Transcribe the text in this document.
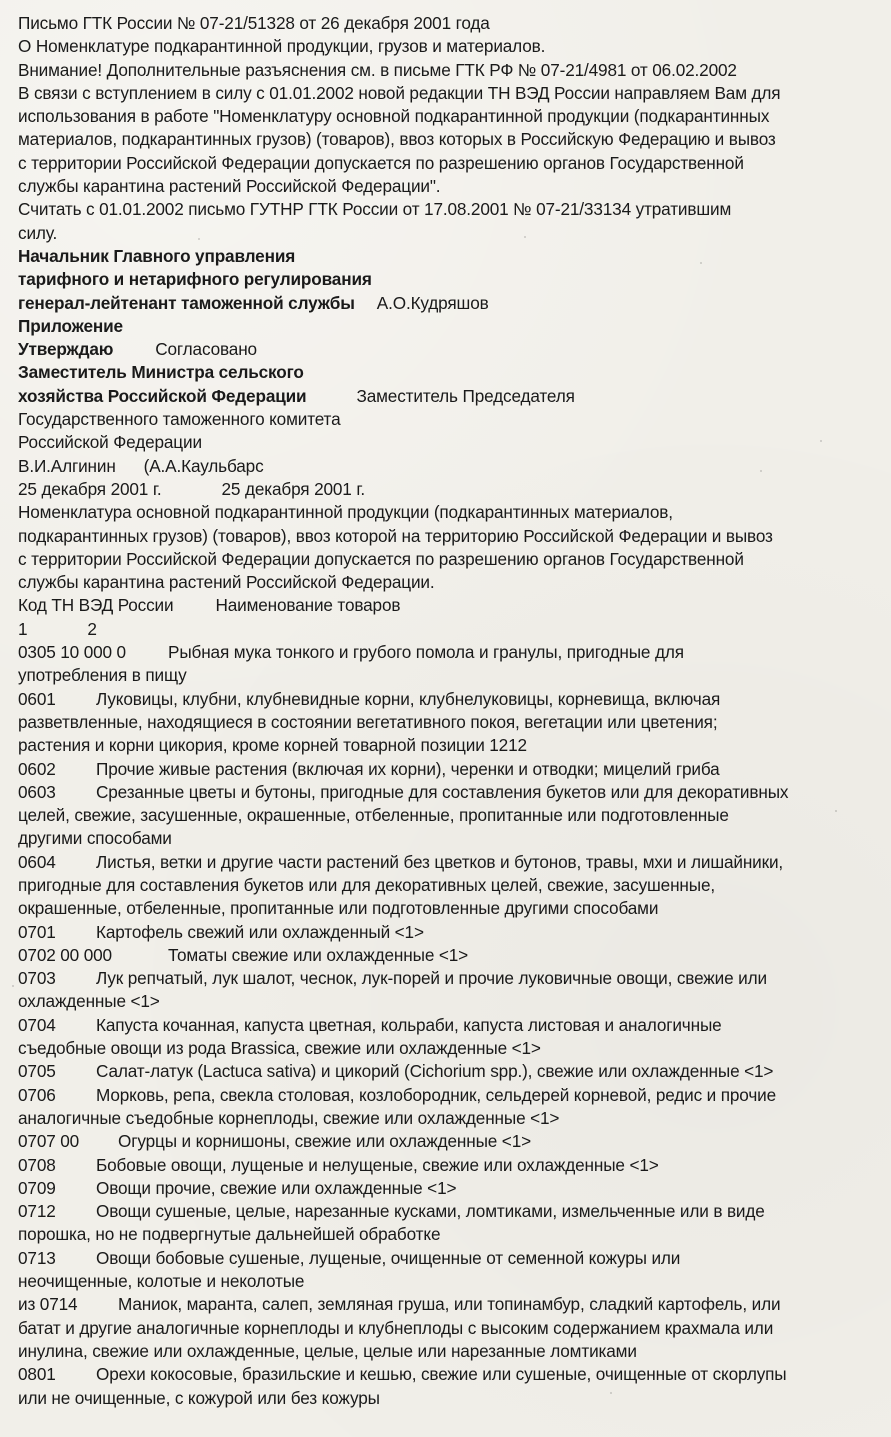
Письмо ГТК России № 07-21/51328 от 26 декабря 2001 года
О Номенклатуре подкарантинной продукции, грузов и материалов.
Внимание! Дополнительные разъяснения см. в письме ГТК РФ № 07-21/4981 от 06.02.2002
В связи с вступлением в силу с 01.01.2002 новой редакции ТН ВЭД России направляем Вам для
использования в работе "Номенклатуру основной подкарантинной продукции (подкарантинных
материалов, подкарантинных грузов) (товаров), ввоз которых в Российскую Федерацию и вывоз
с территории Российской Федерации допускается по разрешению органов Государственной
службы карантина растений Российской Федерации".
Считать с 01.01.2002 письмо ГУТНР ГТК России от 17.08.2001 № 07-21/33134 утратившим
силу.
Начальник Главного управления
тарифного и нетарифного регулирования
генерал-лейтенант таможенной службы А.О.Кудряшов
Приложение
Утверждаю Согласовано
Заместитель Министра сельского
хозяйства Российской Федерации	Заместитель Председателя
Государственного таможенного комитета
Российской Федерации
В.И.Алгинин (А.А.Каульбарс
25 декабря 2001 г.	25 декабря 2001 г.
Номенклатура основной подкарантинной продукции (подкарантинных материалов,
подкарантинных грузов) (товаров), ввоз которой на территорию Российской Федерации и вывоз
с территории Российской Федерации допускается по разрешению органов Государственной
службы карантина растений Российской Федерации.
Код ТН ВЭД России Наименование товаров
1	2
0305 10 000 0 Рыбная мука тонкого и грубого помола и гранулы, пригодные для
употребления в пищу
0601 Луковицы, клубни, клубневидные корни, клубнелуковицы, корневища, включая
разветвленные, находящиеся в состоянии вегетативного покоя, вегетации или цветения;
растения и корни цикория, кроме корней товарной позиции 1212
0602 Прочие живые растения (включая их корни), черенки и отводки; мицелий гриба
0603 Срезанные цветы и бутоны, пригодные для составления букетов или для декоративных
целей, свежие, засушенные, окрашенные, отбеленные, пропитанные или подготовленные
другими способами
0604 Листья, ветки и другие части растений без цветков и бутонов, травы, мхи и лишайники,
пригодные для составления букетов или для декоративных целей, свежие, засушенные,
окрашенные, отбеленные, пропитанные или подготовленные другими способами
0701 Картофель свежий или охлажденный <1>
0702 00 000	Томаты свежие или охлажденные <1>
0703 Лук репчатый, лук шалот, чеснок, лук-порей и прочие луковичные овощи, свежие или
охлажденные <1>
0704 Капуста кочанная, капуста цветная, кольраби, капуста листовая и аналогичные
съедобные овощи из рода Brassica, свежие или охлажденные <1>
0705 Салат-латук (Lactuca sativa) и цикорий (Cichorium spp.), свежие или охлажденные <1>
0706 Морковь, репа, свекла столовая, козлобородник, сельдерей корневой, редис и прочие
аналогичные съедобные корнеплоды, свежие или охлажденные <1>
0707 00 Огурцы и корнишоны, свежие или охлажденные <1>
0708 Бобовые овощи, лущеные и нелущеные, свежие или охлажденные <1>
0709 Овощи прочие, свежие или охлажденные <1>
0712 Овощи сушеные, целые, нарезанные кусками, ломтиками, измельченные или в виде
порошка, но не подвергнутые дальнейшей обработке
0713 Овощи бобовые сушеные, лущеные, очищенные от семенной кожуры или
неочищенные, колотые и неколотые
из 0714 Маниок, маранта, салеп, земляная груша, или топинамбур, сладкий картофель, или
батат и другие аналогичные корнеплоды и клубнеплоды с высоким содержанием крахмала или
инулина, свежие или охлажденные, целые, целые или нарезанные ломтиками
0801 Орехи кокосовые, бразильские и кешью, свежие или сушеные, очищенные от скорлупы
или не очищенные, с кожурой или без кожуры
